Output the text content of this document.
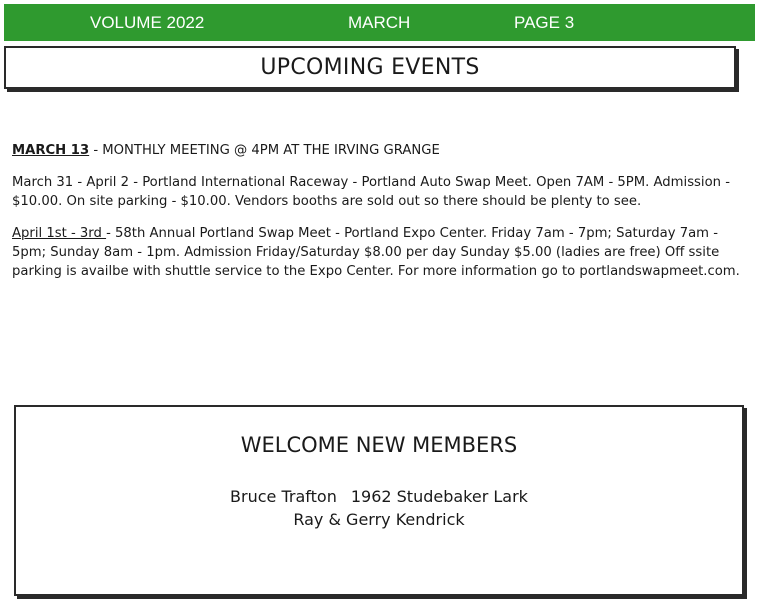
VOLUME 2022	MARCH	PAGE 3
UPCOMING EVENTS

MARCH 13 - MONTHLY MEETING @ 4PM AT THE IRVING GRANGE

March 31 - April 2 - Portland International Raceway - Portland Auto Swap Meet. Open 7AM - 5PM. Admission - $10.00. On site parking - $10.00. Vendors booths are sold out so there should be plenty to see.

April 1st - 3rd - 58th Annual Portland Swap Meet - Portland Expo Center. Friday 7am - 7pm; Saturday 7am - 5pm; Sunday 8am - 1pm. Admission Friday/Saturday $8.00 per day Sunday $5.00 (ladies are free) Off ssite parking is availbe with shuttle service to the Expo Center. For more information go to portlandswapmeet.com.

WELCOME NEW MEMBERS
Bruce Trafton 1962 Studebaker Lark
Ray & Gerry Kendrick
